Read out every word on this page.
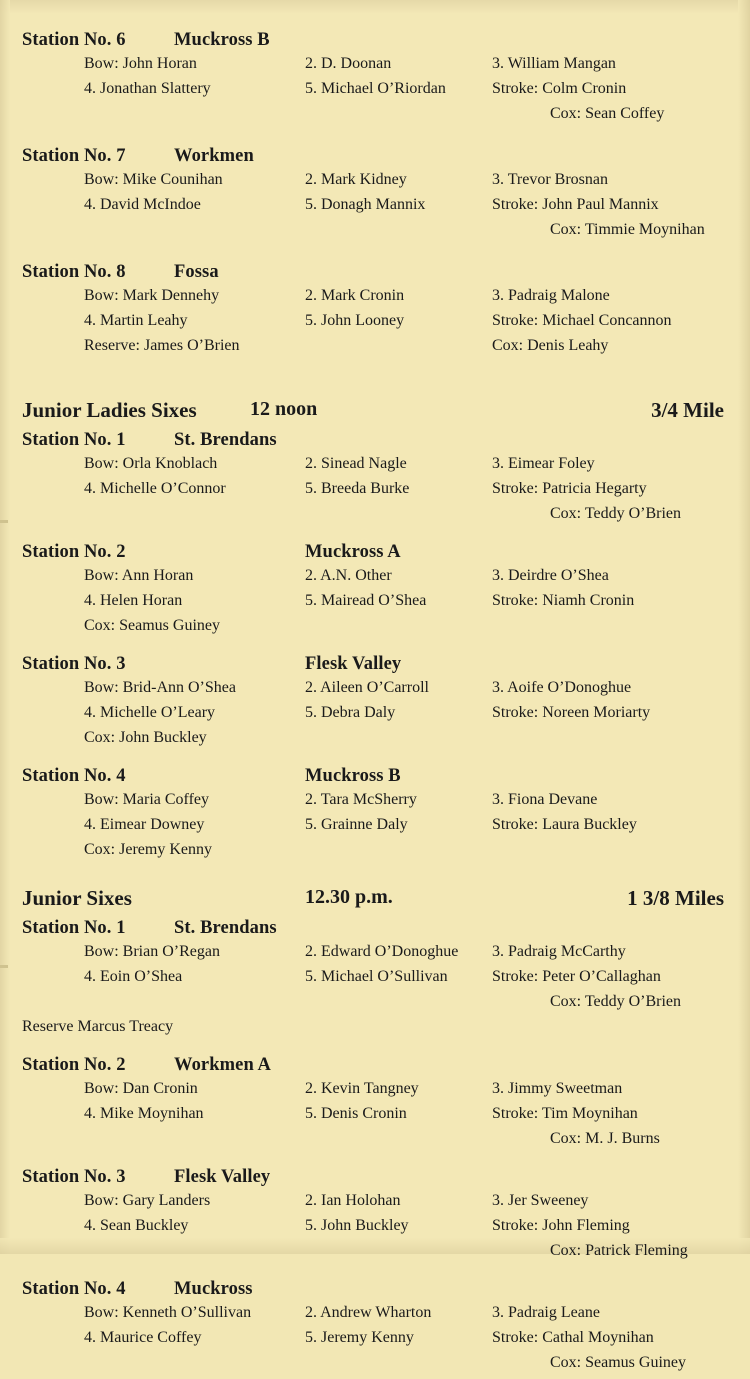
Station No. 6	Muckross B
Bow: John Horan	2. D. Doonan	3. William Mangan
4. Jonathan Slattery	5. Michael O’Riordan	Stroke: Colm Cronin
Cox: Sean Coffey
Station No. 7	Workmen
Bow: Mike Counihan	2. Mark Kidney	3. Trevor Brosnan
4. David McIndoe	5. Donagh Mannix	Stroke: John Paul Mannix
Cox: Timmie Moynihan
Station No. 8	Fossa
Bow: Mark Dennehy	2. Mark Cronin	3. Padraig Malone
4. Martin Leahy	5. John Looney	Stroke: Michael Concannon
Reserve: James O’Brien	Cox: Denis Leahy
Junior Ladies Sixes	12 noon	3/4 Mile
Station No. 1	St. Brendans
Bow: Orla Knoblach	2. Sinead Nagle	3. Eimear Foley
4. Michelle O’Connor	5. Breeda Burke	Stroke: Patricia Hegarty
Cox: Teddy O’Brien
Station No. 2	Muckross A
Bow: Ann Horan	2. A.N. Other	3. Deirdre O’Shea
4. Helen Horan	5. Mairead O’Shea	Stroke: Niamh Cronin
Cox: Seamus Guiney
Station No. 3	Flesk Valley
Bow: Brid-Ann O’Shea	2. Aileen O’Carroll	3. Aoife O’Donoghue
4. Michelle O’Leary	5. Debra Daly	Stroke: Noreen Moriarty
Cox: John Buckley
Station No. 4	Muckross B
Bow: Maria Coffey	2. Tara McSherry	3. Fiona Devane
4. Eimear Downey	5. Grainne Daly	Stroke: Laura Buckley
Cox: Jeremy Kenny
Junior Sixes	12.30 p.m.	1 3/8 Miles
Station No. 1	St. Brendans
Bow: Brian O’Regan	2. Edward O’Donoghue 3. Padraig McCarthy
4. Eoin O’Shea	5. Michael O’Sullivan	Stroke: Peter O’Callaghan
Cox: Teddy O’Brien
Reserve Marcus Treacy
Station No. 2	Workmen A
Bow: Dan Cronin	2. Kevin Tangney	3. Jimmy Sweetman
4. Mike Moynihan	5. Denis Cronin	Stroke: Tim Moynihan
Cox: M. J. Burns
Station No. 3	Flesk Valley
Bow: Gary Landers	2. Ian Holohan	3. Jer Sweeney
4. Sean Buckley	5. John Buckley	Stroke: John Fleming
Cox: Patrick Fleming
Station No. 4	Muckross
Bow: Kenneth O’Sullivan	2. Andrew Wharton	3. Padraig Leane
4. Maurice Coffey	5. Jeremy Kenny	Stroke: Cathal Moynihan
Cox: Seamus Guiney
